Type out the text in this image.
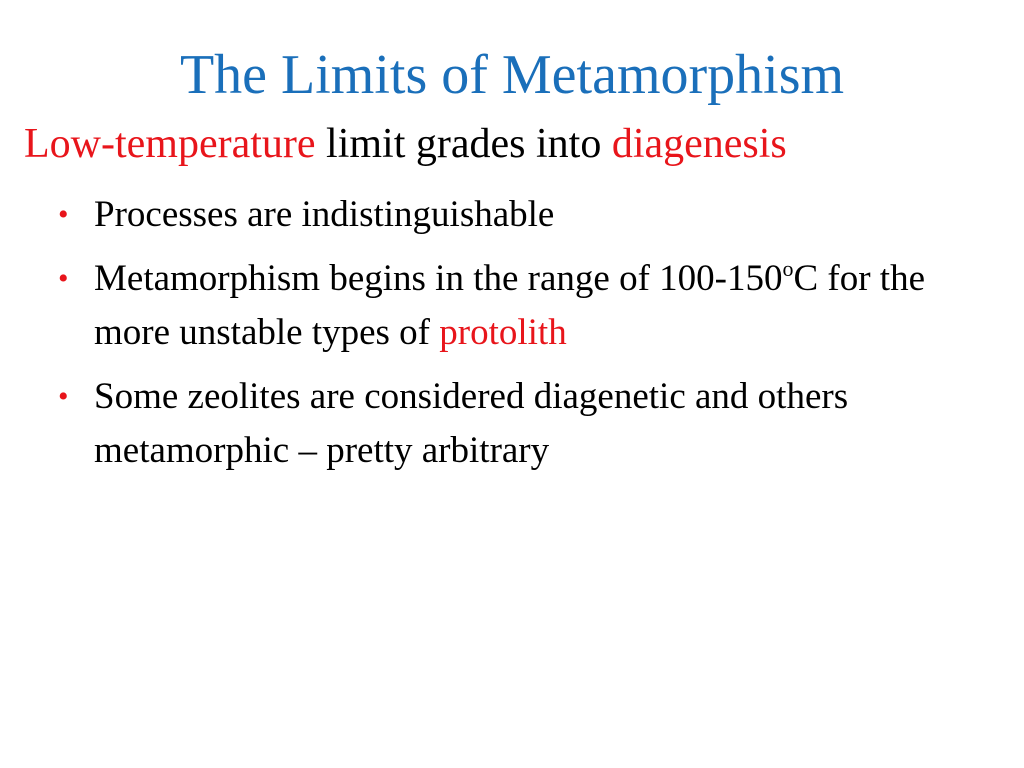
The Limits of Metamorphism
Low-temperature limit grades into diagenesis
• Processes are indistinguishable
• Metamorphism begins in the range of 100-150$^o$C for the more unstable types of protolith
• Some zeolites are considered diagenetic and others metamorphic – pretty arbitrary
